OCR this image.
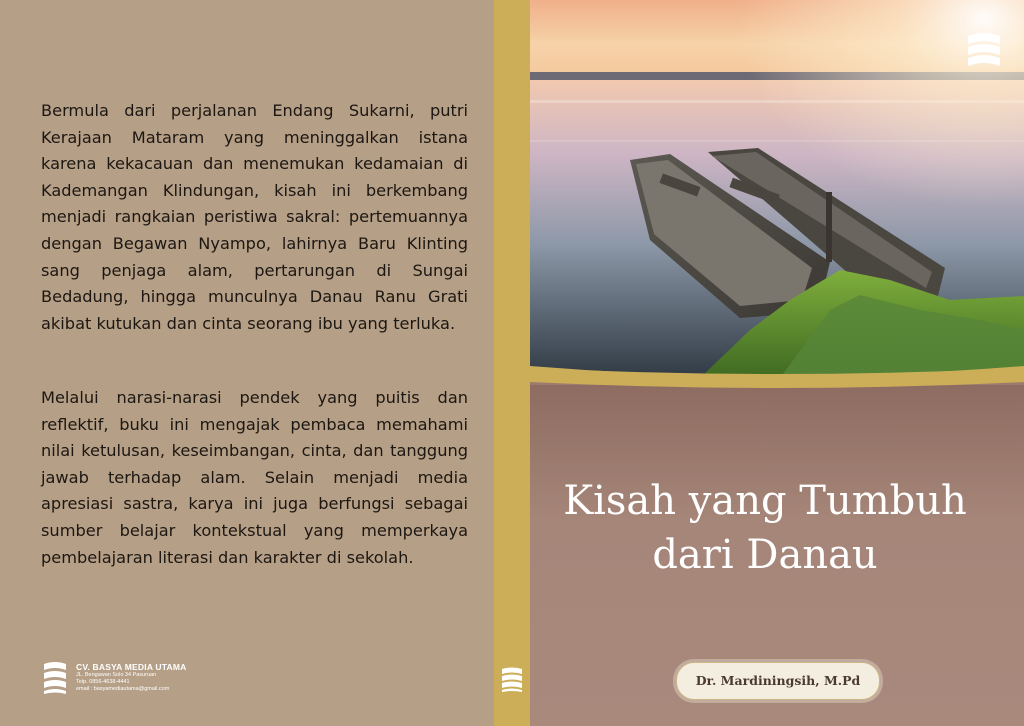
Bermula dari perjalanan Endang Sukarni, putri Kerajaan Mataram yang meninggalkan istana karena kekacauan dan menemukan kedamaian di Kademangan Klindungan, kisah ini berkembang menjadi rangkaian peristiwa sakral: pertemuannya dengan Begawan Nyampo, lahirnya Baru Klinting sang penjaga alam, pertarungan di Sungai Bedadung, hingga munculnya Danau Ranu Grati akibat kutukan dan cinta seorang ibu yang terluka.

Melalui narasi-narasi pendek yang puitis dan reflektif, buku ini mengajak pembaca memahami nilai ketulusan, keseimbangan, cinta, dan tanggung jawab terhadap alam. Selain menjadi media apresiasi sastra, karya ini juga berfungsi sebagai sumber belajar kontekstual yang memperkaya pembelajaran literasi dan karakter di sekolah.

CV. BASYA MEDIA UTAMA
JL. Bengawan Solo 34 Pasuruan
Telp. 0856-4638-4441
email : basyamediautama@gmail.com
Kisah yang Tumbuh
dari Danau

Dr. Mardiningsih, M.Pd
